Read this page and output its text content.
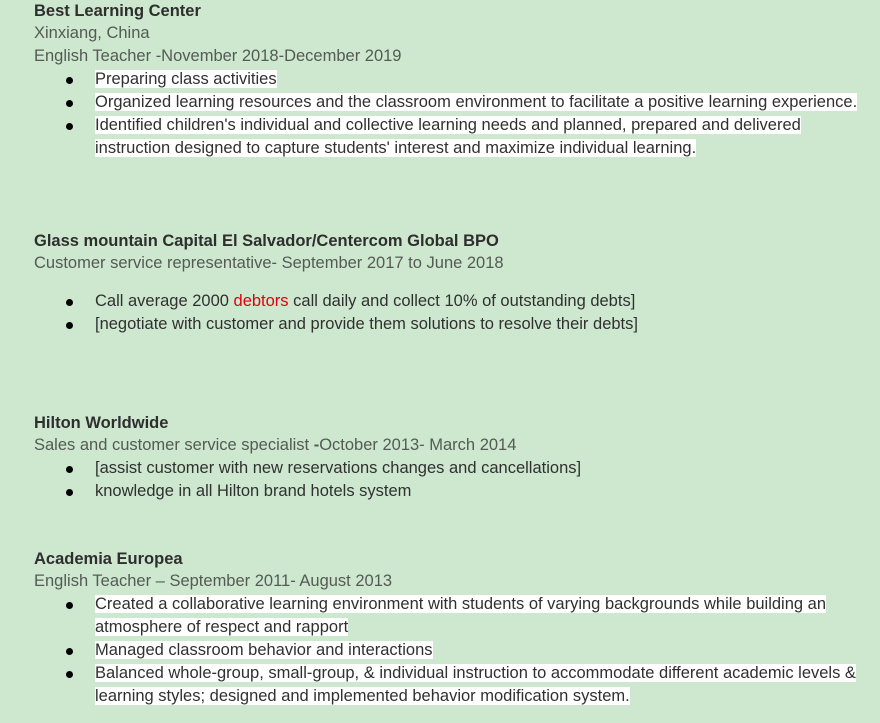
Best Learning Center

Xinxiang, China

English Teacher -November 2018-December 2019

Preparing class activities
Organized learning resources and the classroom environment to facilitate a positive learning experience.
Identified children's individual and collective learning needs and planned, prepared and delivered instruction designed to capture students' interest and maximize individual learning.

Glass mountain Capital El Salvador/Centercom Global BPO

Customer service representative- September 2017 to June 2018

Call average 2000 debtors call daily and collect 10% of outstanding debts]
[negotiate with customer and provide them solutions to resolve their debts]

Hilton Worldwide

Sales and customer service specialist -October 2013- March 2014

[assist customer with new reservations changes and cancellations]
knowledge in all Hilton brand hotels system

Academia Europea

English Teacher – September 2011- August 2013

Created a collaborative learning environment with students of varying backgrounds while building an atmosphere of respect and rapport
Managed classroom behavior and interactions
Balanced whole-group, small-group, & individual instruction to accommodate different academic levels & learning styles; designed and implemented behavior modification system.
